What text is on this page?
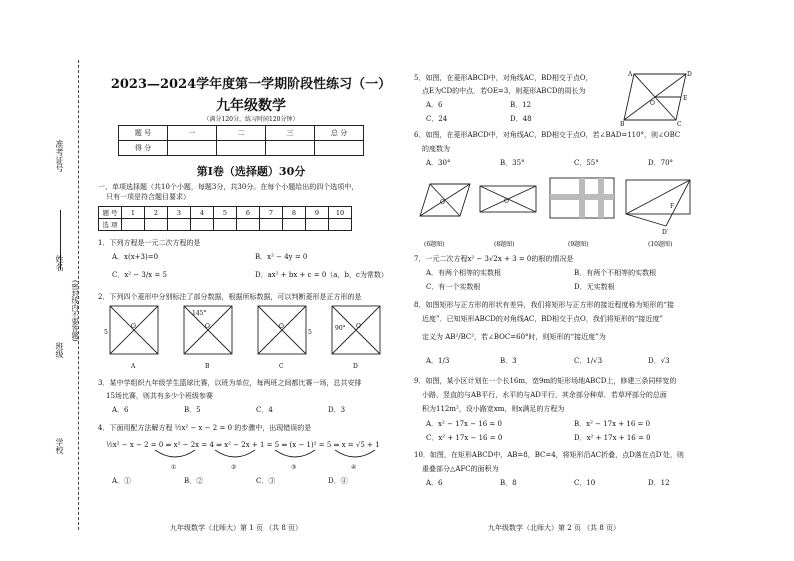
准考证号
姓名
班级
学校
(密封线内不要答题)
2023—2024学年度第一学期阶段性练习（一）
九年级数学
（满分120分，练习时间120分钟）
题 号	一	二	三	总 分
得 分				
第Ⅰ卷（选择题）30分
一、单项选择题（共10个小题，每题3分，共30分。在每个小题给出的四个选项中，
只有一项是符合题目要求）
题 号	1	2	3	4	5	6	7	8	9	10
选 项										
1．下列方程是一元二次方程的是
A．x(x+3)=0	B．x² − 4y = 0
C．x² − 3/x = 5	D．ax² + bx + c = 0（a，b，c为常数）
2．下列四个菱形中分别标注了部分数据，根据所标数据，可以判断菱形是正方形的是
5
O
A
145°
O
B
5
O
C
90° O
D
3．某中学组织九年级学生篮球比赛，以班为单位，每两班之间都比赛一场，总共安排
15场比赛，则共有多少个班级参赛
A．6	B．5	C．4	D．3
4．下面用配方法解方程 ½x² − x − 2 = 0 的步骤中，出现错误的是
½x² − x − 2 = 0 ⇒ x² − 2x = 4 ⇒ x² − 2x + 1 = 5 ⇒ (x − 1)² = 5 ⇒ x = √5 + 1
①	②	③	④
A．①	B．②	C．③	D．④
九年级数学（北师大）第 1 页 （共 8 页）
5．如图，在菱形ABCD中，对角线AC，BD相交于点O，
点E为CD的中点．若OE=3，则菱形ABCD的周长为
A．6	B．12
C．24	D．48
A	D
B	C
O
E
6．如图，在菱形ABCD中，对角线AC，BD相交于点O，若∠BAD=110°，则∠OBC
的度数为
A．30°	B．35°	C．55°	D．70°
O	O
D′
F
(6题图)	(8题图)	(9题图)	(10题图)
7．一元二次方程x² − 3√2x + 3 = 0的根的情况是
A．有两个相等的实数根	B．有两个不相等的实数根
C．有一个实数根	D．无实数根
8．如图矩形与正方形的形状有差异，我们将矩形与正方形的接近程度称为矩形的“接
近度”．已知矩形ABCD的对角线AC，BD相交于点O，我们将矩形的“接近度”
定义为 AB²/BC²，若∠BOC=60°时，则矩形的“接近度”为
A．1/3	B．3	C．1/√3	D．√3
9．如图，某小区计划在一个长16m，宽9m的矩形场地ABCD上，修建三条同样宽的
小路，竖直的与AB平行，水平的与AD平行，其余部分种草．若草坪部分的总面
积为112m²，设小路宽xm，则x满足的方程为
A．x² − 17x − 16 = 0	B．x² − 17x + 16 = 0
C．x² + 17x − 16 = 0	D．x² + 17x + 16 = 0
10．如图，在矩形ABCD中，AB=8，BC=4，将矩形沿AC折叠，点D落在点D′处，则
重叠部分△AFC的面积为
A．6	B．8	C．10	D．12
九年级数学（北师大）第 2 页 （共 8 页）
